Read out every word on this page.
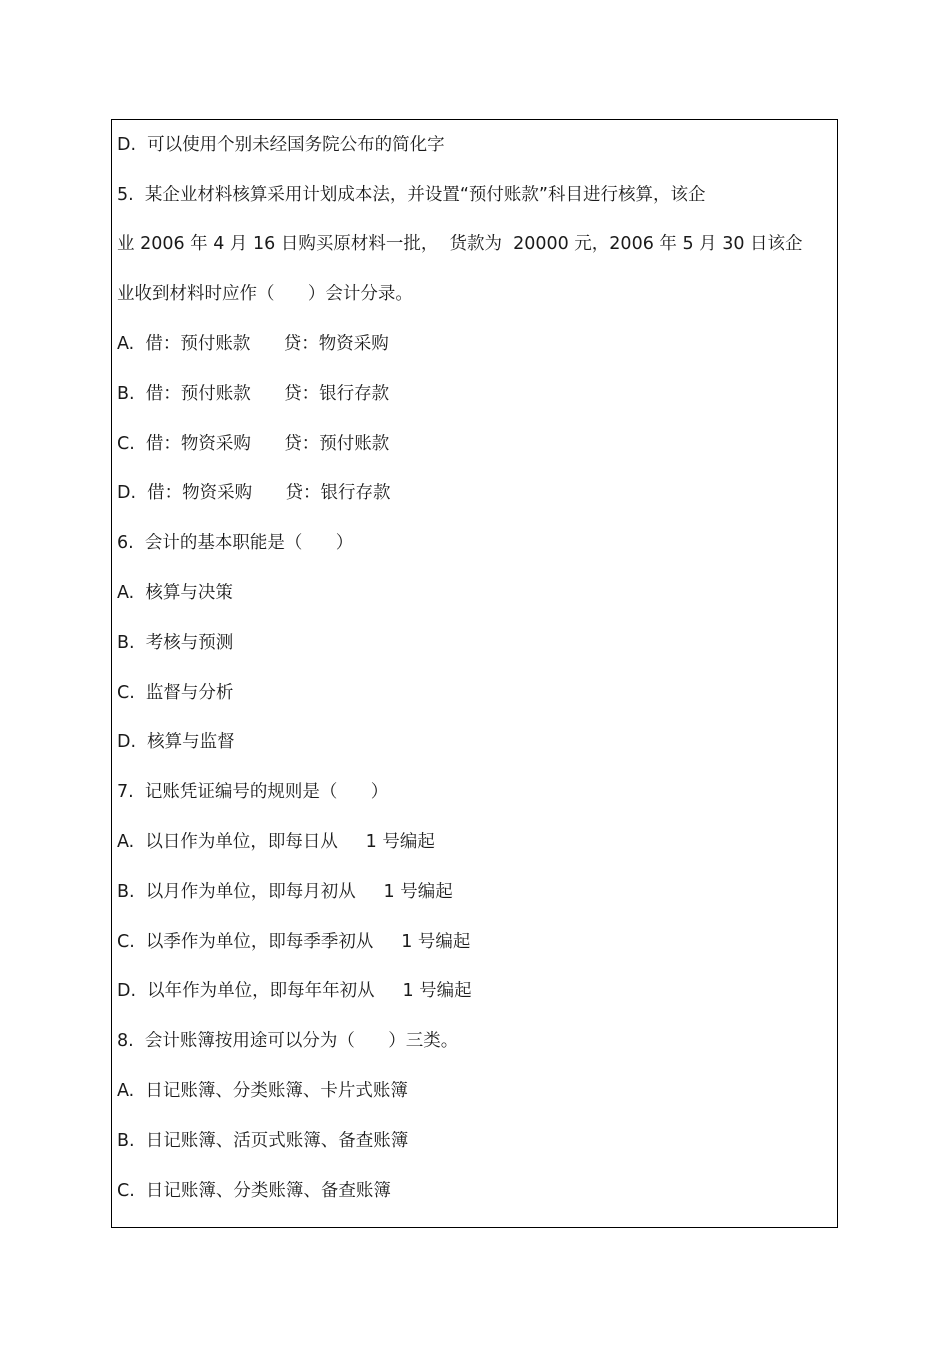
D.  可以使用个别未经国务院公布的简化字
5.  某企业材料核算采用计划成本法，并设置“预付账款”科目进行核算，该企
业 2006 年 4 月 16 日购买原材料一批，  货款为  20000 元，2006 年 5 月 30 日该企
业收到材料时应作（      ）会计分录。
A.  借：预付账款      贷：物资采购
B.  借：预付账款      贷：银行存款
C.  借：物资采购      贷：预付账款
D.  借：物资采购      贷：银行存款
6.  会计的基本职能是（      ）
A.  核算与决策
B.  考核与预测
C.  监督与分析
D.  核算与监督
7.  记账凭证编号的规则是（      ）
A.  以日作为单位，即每日从     1 号编起
B.  以月作为单位，即每月初从     1 号编起
C.  以季作为单位，即每季季初从     1 号编起
D.  以年作为单位，即每年年初从     1 号编起
8.  会计账簿按用途可以分为（      ）三类。
A.  日记账簿、分类账簿、卡片式账簿
B.  日记账簿、活页式账簿、备查账簿
C.  日记账簿、分类账簿、备查账簿
